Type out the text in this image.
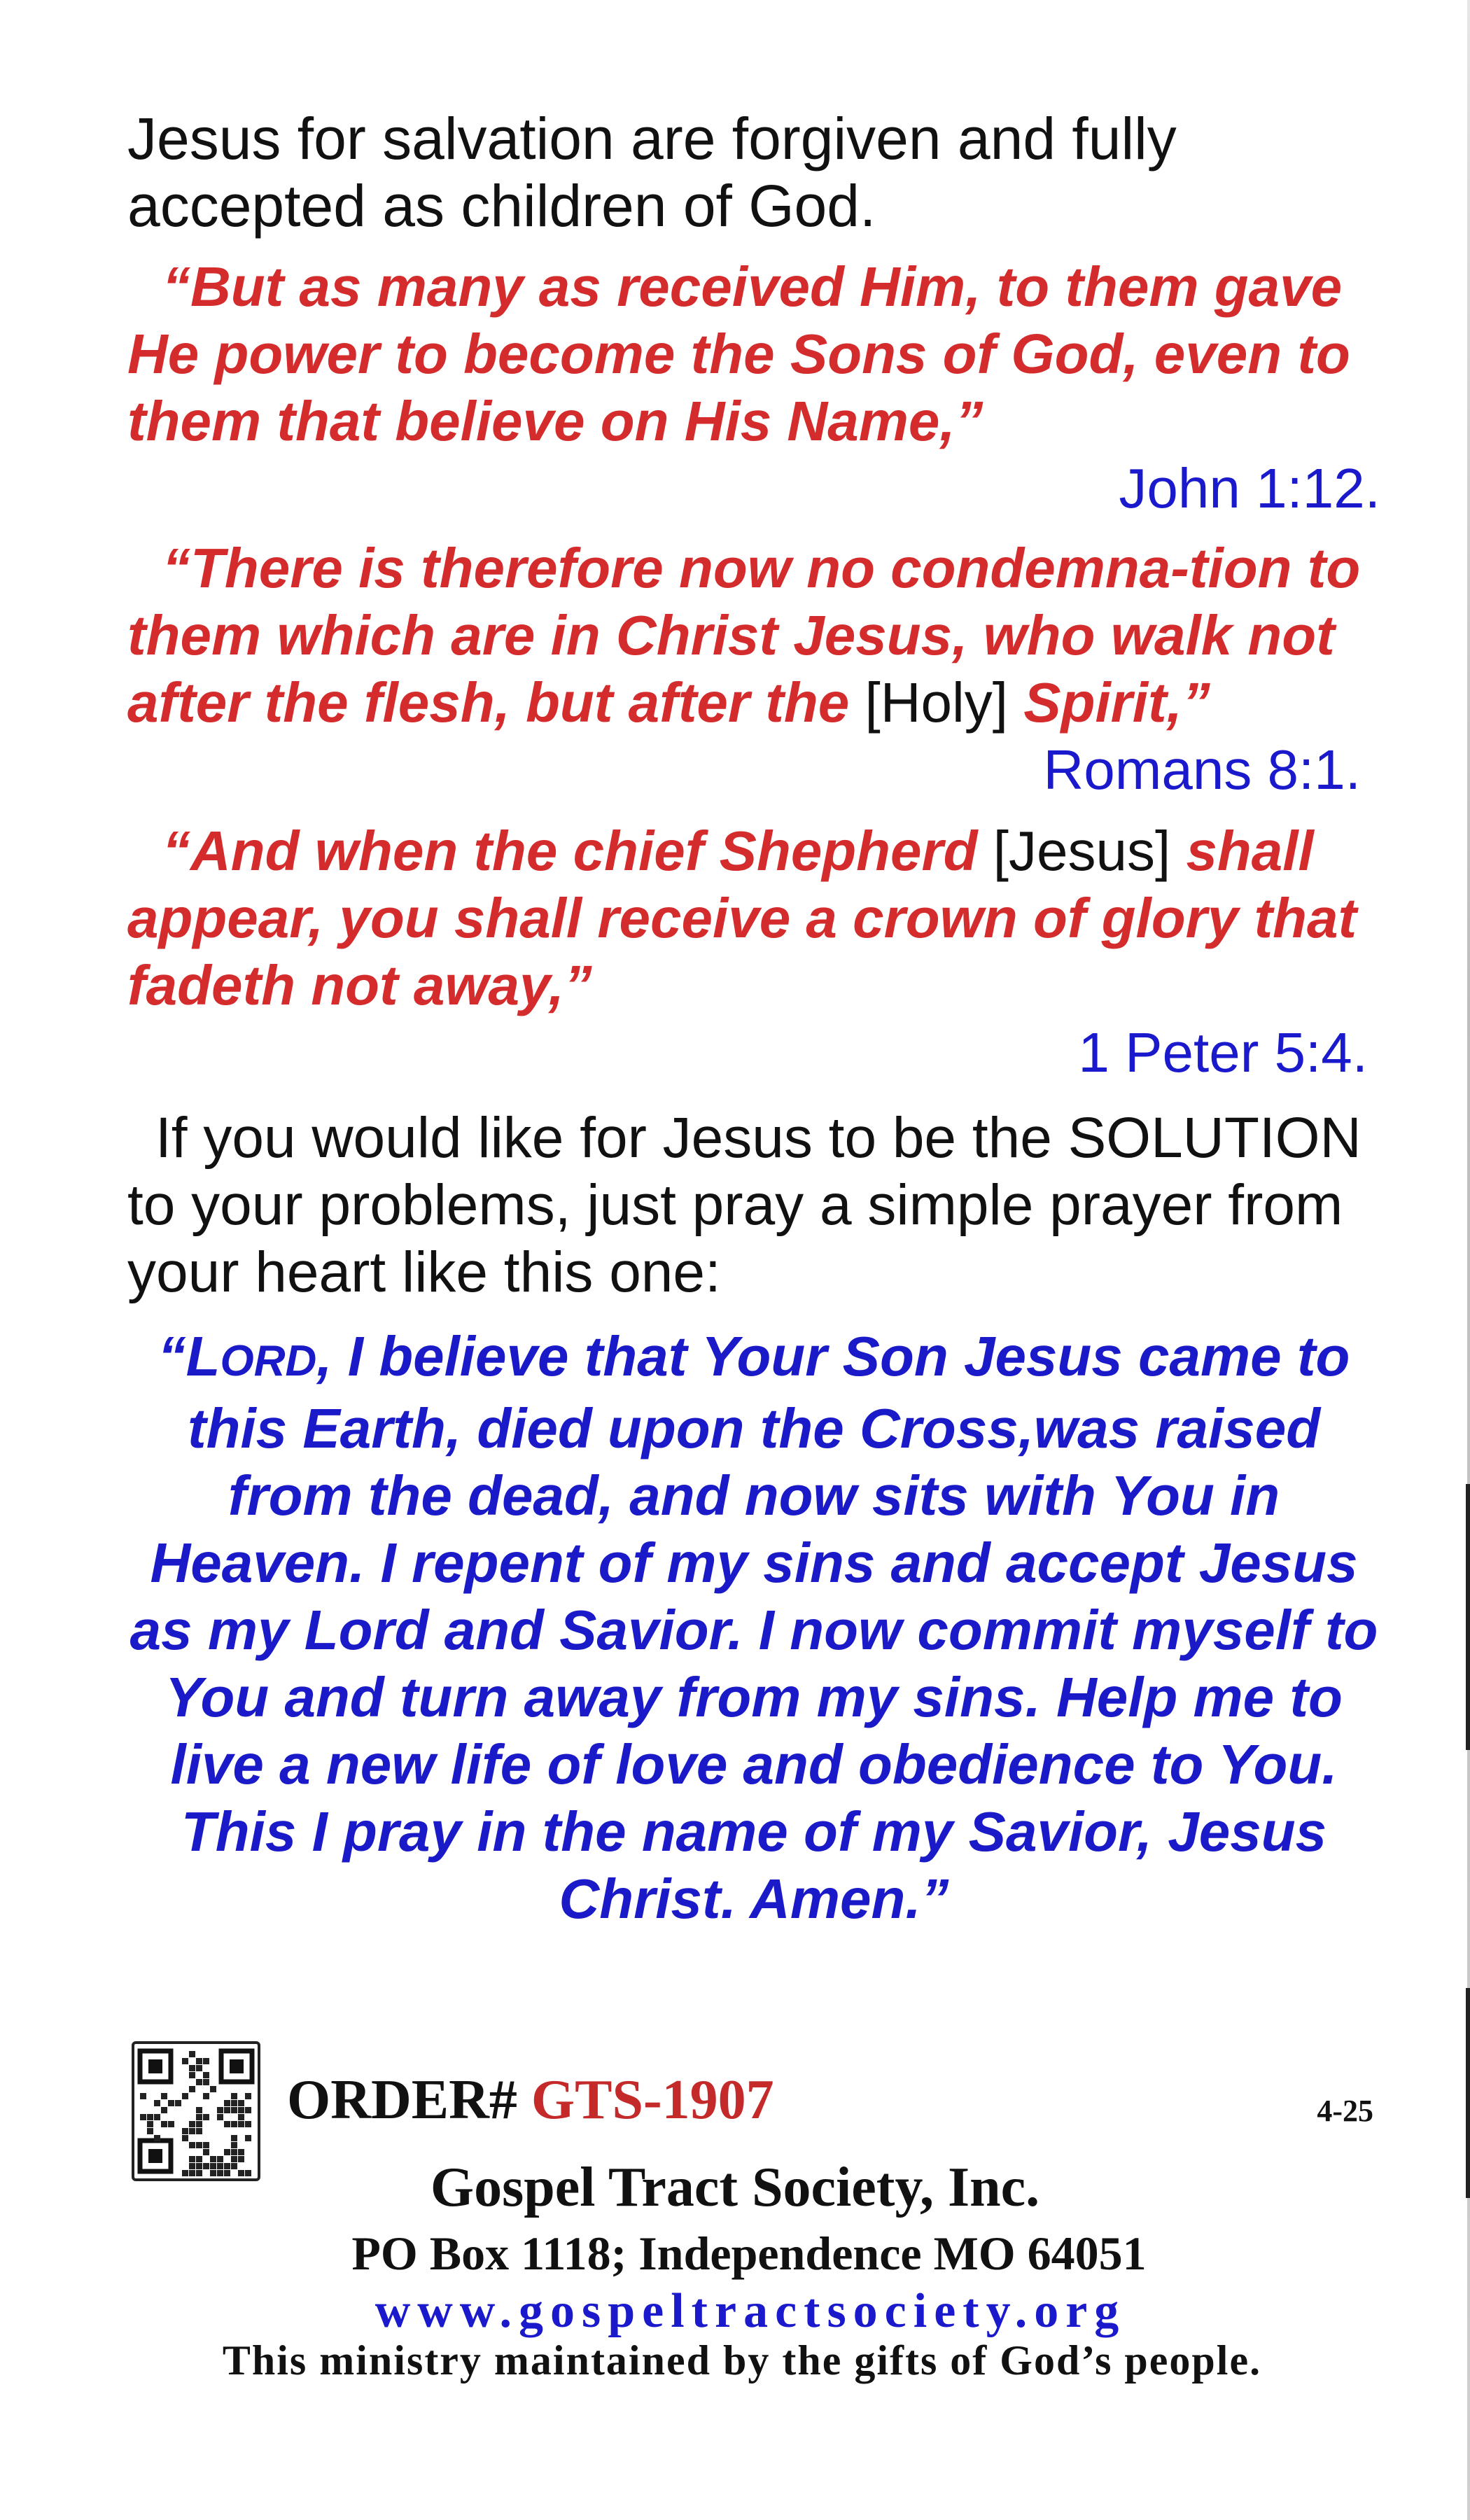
Jesus for salvation are forgiven and fully accepted as children of God.
“But as many as received Him, to them gave He power to become the Sons of God, even to them that believe on His Name,”
John 1:12.
“There is therefore now no condemna-tion to them which are in Christ Jesus, who walk not after the flesh, but after the [Holy] Spirit,”
Romans 8:1.
“And when the chief Shepherd [Jesus] shall appear, you shall receive a crown of glory that fadeth not away,”
1 Peter 5:4.
If you would like for Jesus to be the SOLUTION to your problems, just pray a simple prayer from your heart like this one:
“LORD, I believe that Your Son Jesus came to this Earth, died upon the Cross,was raised from the dead, and now sits with You in Heaven. I repent of my sins and accept Jesus as my Lord and Savior. I now commit myself to You and turn away from my sins. Help me to live a new life of love and obedience to You. This I pray in the name of my Savior, Jesus Christ. Amen.”
ORDER# GTS-1907	4-25
Gospel Tract Society, Inc.
PO Box 1118; Independence MO 64051
www.gospeltractsociety.org
This ministry maintained by the gifts of God’s people.
